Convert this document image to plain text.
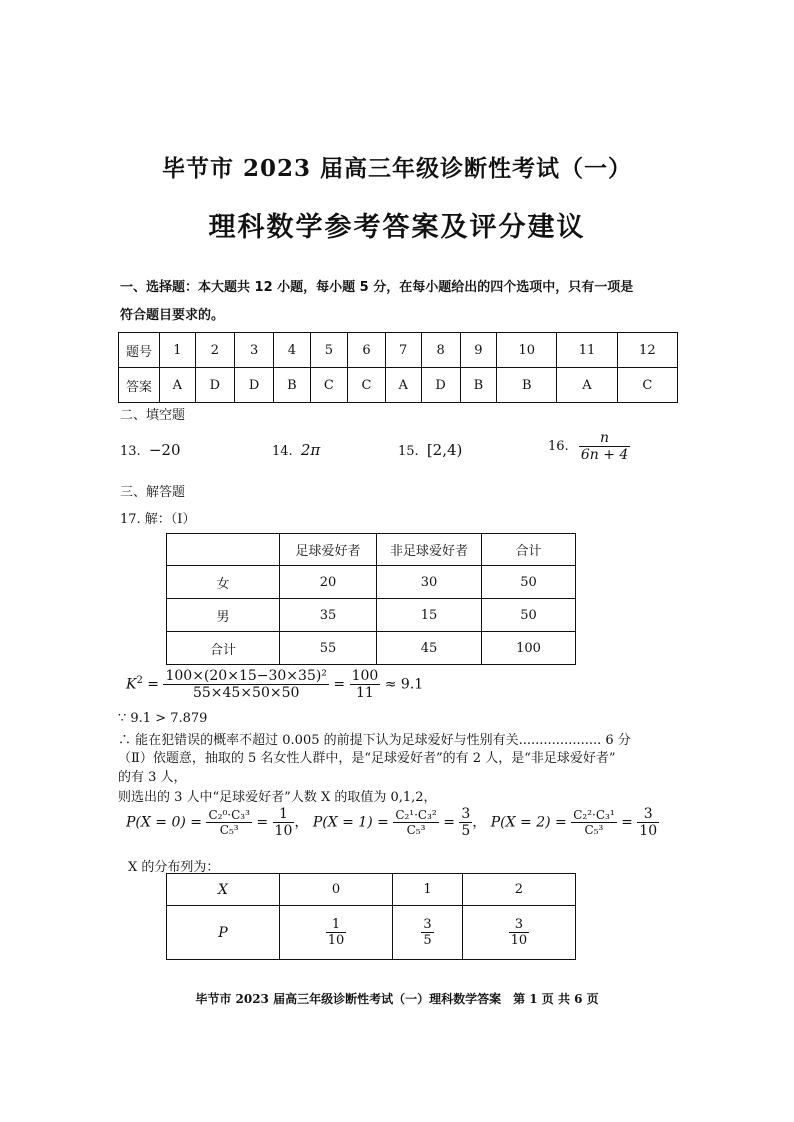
毕节市 2023 届高三年级诊断性考试（一）
理科数学参考答案及评分建议
一、选择题：本大题共 12 小题，每小题 5 分，在每小题给出的四个选项中，只有一项是
符合题目要求的。
题号	1	2	3	4	5	6	7	8	9	10	11	12
答案	A	D	D	B	C	C	A	D	B	B	A	C
二、填空题
13. −20	14. 2π	15. [2,4)	16. $\frac{n}{6n + 4}$
三、解答题
17. 解：（Ⅰ）
	足球爱好者	非足球爱好者	合计
女	20	30	50
男	35	15	50
合计	55	45	100
$K^2 = \frac{\text{100×(20×15−30×35)²}}{55\times 45\times 50\times 50} = \frac{100}{11} \approx 9.1$
∵ 9.1 > 7.879
∴ 能在犯错误的概率不超过 0.005 的前提下认为足球爱好与性别有关.................... 6 分
（Ⅱ）依题意，抽取的 5 名女性人群中，是“足球爱好者”的有 2 人，是“非足球爱好者”
的有 3 人，
则选出的 3 人中“足球爱好者”人数 X 的取值为 0,1,2，
$P(X = 0) = \frac{\text{C₂⁰·C₃³}}{\text{C₅³}} = \frac{1}{10}$ ， $P(X = 1) = \frac{\text{C₂¹·C₃²}}{\text{C₅³}} = \frac{3}{5}$ ， $P(X = 2) = \frac{\text{C₂²·C₃¹}}{\text{C₅³}} = \frac{3}{10}$
X 的分布列为：
X	0	1	2
P	$\frac{1}{10}$	$\frac{3}{5}$	$\frac{3}{10}$
毕节市 2023 届高三年级诊断性考试（一）理科数学答案　第 1 页 共 6 页
